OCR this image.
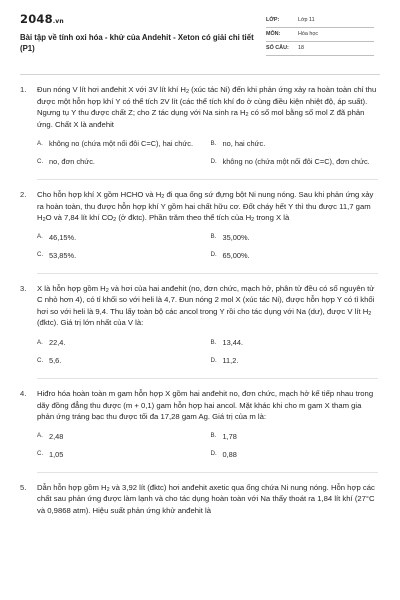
2048.vn
Bài tập về tính oxi hóa - khử của Andehit - Xeton có giải chi tiết (P1)
LỚP:	Lớp 11
MÔN:	Hóa học
SỐ CÂU:	18
1.	Đun nóng V lít hơi anđehit X với 3V lít khí $H_2$ (xúc tác Ni) đến khi phản ứng xảy ra hoàn toàn chỉ thu được một hỗn hợp khí Y có thể tích 2V lít (các thể tích khí đo ở cùng điều kiện nhiệt độ, áp suất). Ngưng tụ Y thu được chất Z; cho Z tác dụng với Na sinh ra $H_2$ có số mol bằng số mol Z đã phản ứng. Chất X là anđehit
A. không no (chứa một nối đôi C=C), hai chức.	B. no, hai chức.
C. no, đơn chức.	D. không no (chứa một nối đôi C=C), đơn chức.
2.	Cho hỗn hợp khí X gồm HCHO và $H_2$ đi qua ống sứ đựng bột Ni nung nóng. Sau khi phản ứng xảy ra hoàn toàn, thu được hỗn hợp khí Y gồm hai chất hữu cơ. Đốt cháy hết Y thì thu được 11,7 gam $H_2O$ và 7,84 lít khí $CO_2$ (ở đktc). Phần trăm theo thể tích của $H_2$ trong X là
A. 46,15%.	B. 35,00%.
C. 53,85%.	D. 65,00%.
3.	X là hỗn hợp gồm $H_2$ và hơi của hai anđehit (no, đơn chức, mạch hở, phân tử đều có số nguyên tử C nhỏ hơn 4), có tỉ khối so với heli là 4,7. Đun nóng 2 mol X (xúc tác Ni), được hỗn hợp Y có tỉ khối hơi so với heli là 9,4. Thu lấy toàn bộ các ancol trong Y rồi cho tác dụng với Na (dư), được V lít $H_2$ (đktc). Giá trị lớn nhất của V là:
A. 22,4.	B. 13,44.
C. 5,6.	D. 11,2.
4.	Hiđro hóa hoàn toàn m gam hỗn hợp X gồm hai anđehit no, đơn chức, mạch hở kế tiếp nhau trong dãy đồng đẳng thu được (m + 0,1) gam hỗn hợp hai ancol. Mặt khác khi cho m gam X tham gia phản ứng tráng bạc thu được tối đa 17,28 gam Ag. Giá trị của m là:
A. 2,48	B. 1,78
C. 1,05	D. 0,88
5.	Dẫn hỗn hợp gồm $H_2$ và 3,92 lít (đktc) hơi anđehit axetic qua ống chứa Ni nung nóng. Hỗn hợp các chất sau phản ứng được làm lạnh và cho tác dụng hoàn toàn với Na thấy thoát ra 1,84 lít khí (27°C và 0,9868 atm). Hiệu suất phản ứng khử anđehit là
